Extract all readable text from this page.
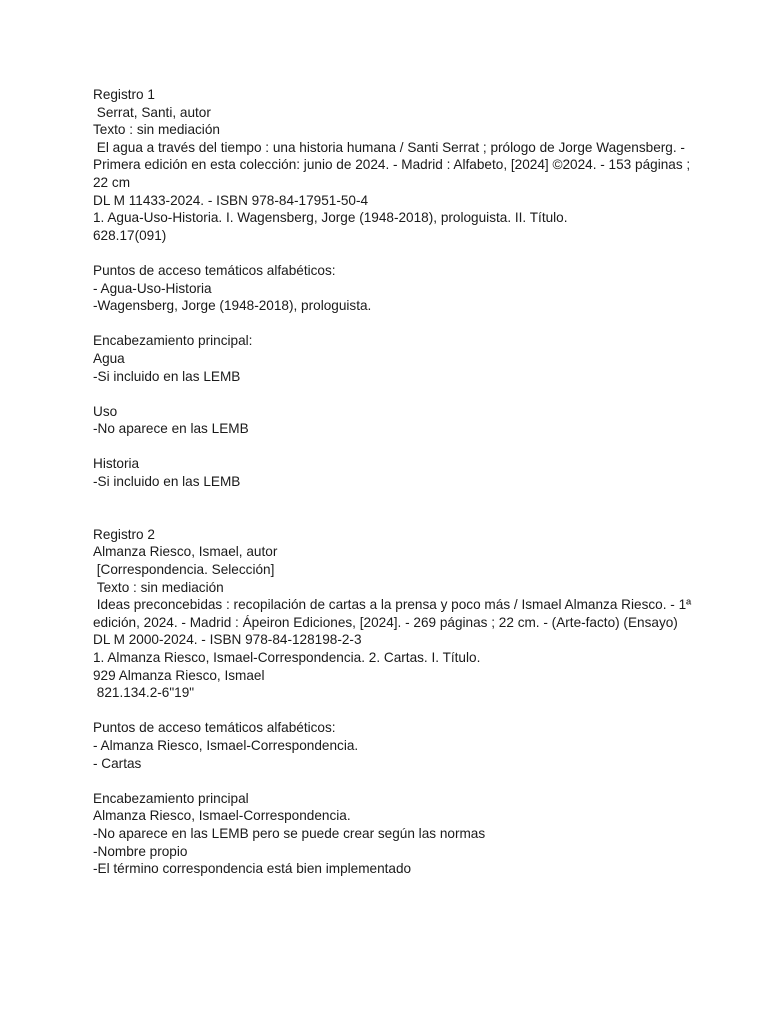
Registro 1

Serrat, Santi, autor

Texto : sin mediación

El agua a través del tiempo : una historia humana / Santi Serrat ; prólogo de Jorge Wagensberg. - Primera edición en esta colección: junio de 2024. - Madrid : Alfabeto, [2024] ©2024. - 153 páginas ; 22 cm

DL M 11433-2024. - ISBN 978-84-17951-50-4

1. Agua-Uso-Historia. I. Wagensberg, Jorge (1948-2018), prologuista. II. Título.

628.17(091)

Puntos de acceso temáticos alfabéticos:

- Agua-Uso-Historia

-Wagensberg, Jorge (1948-2018), prologuista.

Encabezamiento principal:

Agua

-Si incluido en las LEMB

Uso

-No aparece en las LEMB

Historia

-Si incluido en las LEMB

Registro 2

Almanza Riesco, Ismael, autor

[Correspondencia. Selección]

Texto : sin mediación

Ideas preconcebidas : recopilación de cartas a la prensa y poco más / Ismael Almanza Riesco. - 1ª edición, 2024. - Madrid : Ápeiron Ediciones, [2024]. - 269 páginas ; 22 cm. - (Arte-facto) (Ensayo)

DL M 2000-2024. - ISBN 978-84-128198-2-3

1. Almanza Riesco, Ismael-Correspondencia. 2. Cartas. I. Título.

929 Almanza Riesco, Ismael

821.134.2-6"19"

Puntos de acceso temáticos alfabéticos:

- Almanza Riesco, Ismael-Correspondencia.

- Cartas

Encabezamiento principal

Almanza Riesco, Ismael-Correspondencia.

-No aparece en las LEMB pero se puede crear según las normas

-Nombre propio

-El término correspondencia está bien implementado
